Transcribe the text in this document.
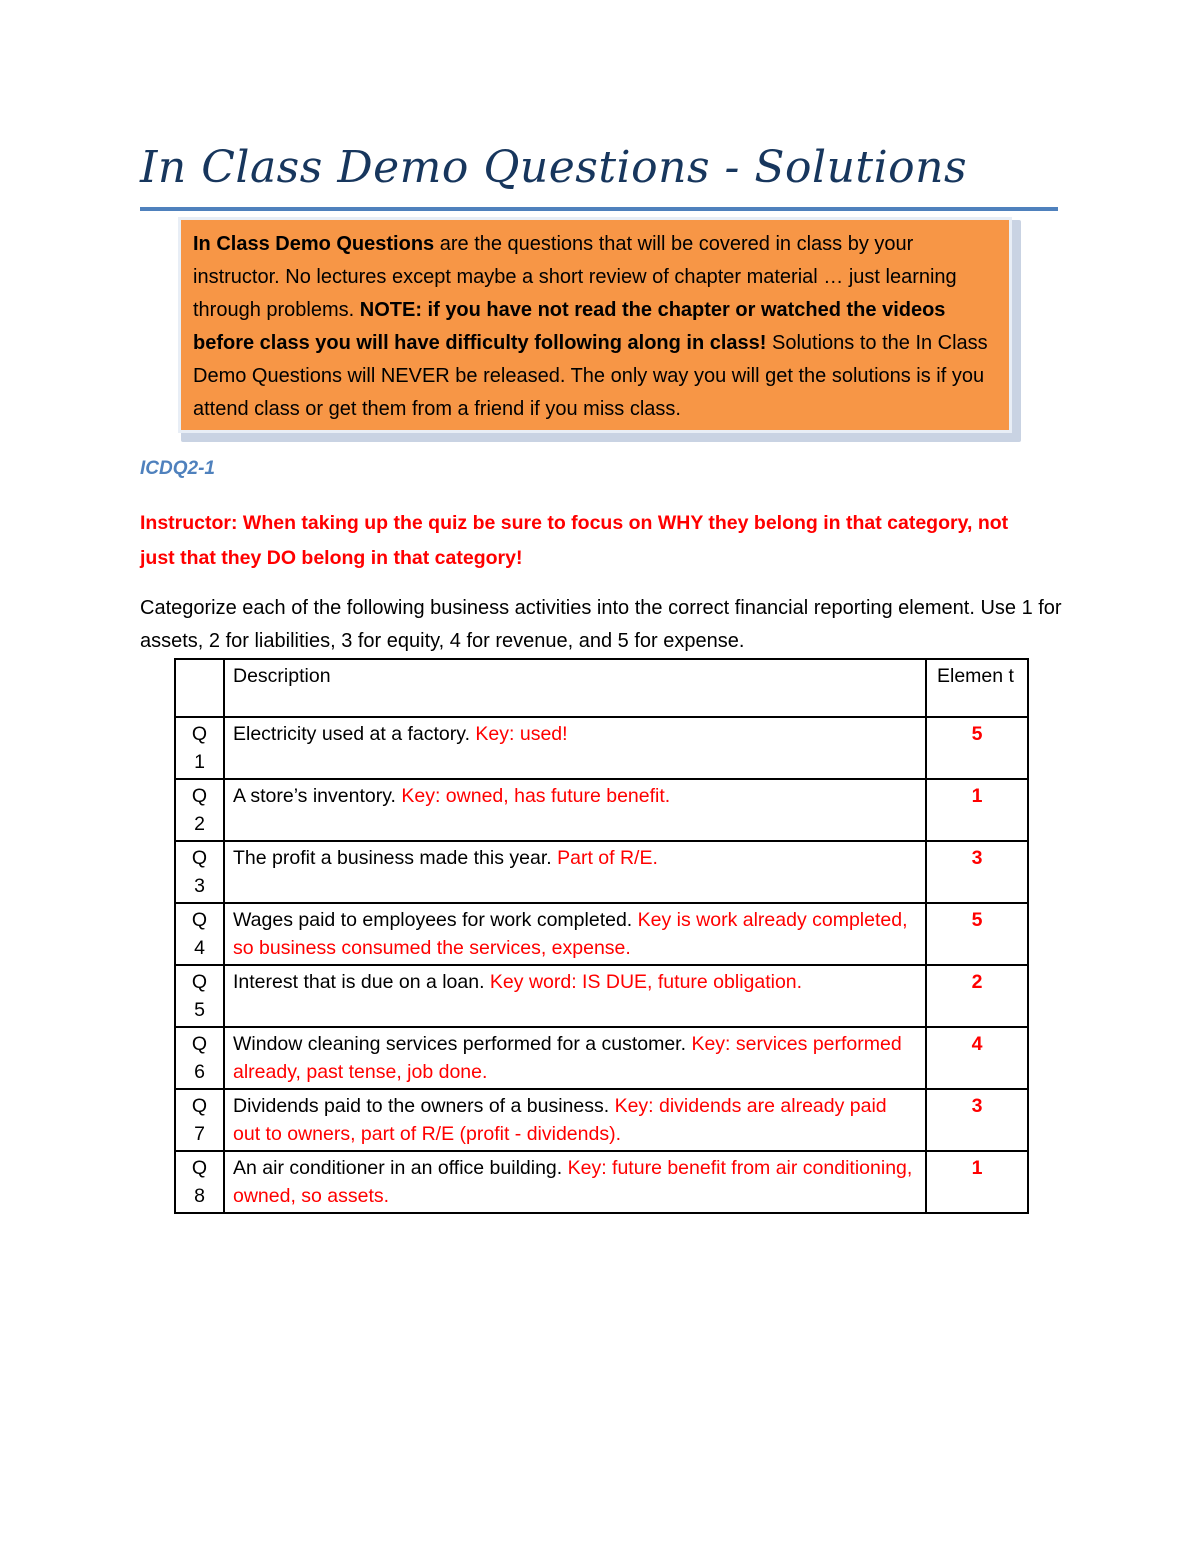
In Class Demo Questions - Solutions
In Class Demo Questions are the questions that will be covered in class by your instructor. No lectures except maybe a short review of chapter material … just learning through problems. NOTE: if you have not read the chapter or watched the videos before class you will have difficulty following along in class! Solutions to the In Class Demo Questions will NEVER be released. The only way you will get the solutions is if you attend class or get them from a friend if you miss class.
ICDQ2-1
Instructor: When taking up the quiz be sure to focus on WHY they belong in that category, not just that they DO belong in that category!
Categorize each of the following business activities into the correct financial reporting element. Use 1 for assets, 2 for liabilities, 3 for equity, 4 for revenue, and 5 for expense.
	Description	Elemen t
Q 1	Electricity used at a factory. Key: used!	5
Q 2	A store’s inventory. Key: owned, has future benefit.	1
Q 3	The profit a business made this year. Part of R/E.	3
Q 4	Wages paid to employees for work completed. Key is work already completed, so business consumed the services, expense.	5
Q 5	Interest that is due on a loan. Key word: IS DUE, future obligation.	2
Q 6	Window cleaning services performed for a customer. Key: services performed already, past tense, job done.	4
Q 7	Dividends paid to the owners of a business. Key: dividends are already paid out to owners, part of R/E (profit - dividends).	3
Q 8	An air conditioner in an office building. Key: future benefit from air conditioning, owned, so assets.	1
